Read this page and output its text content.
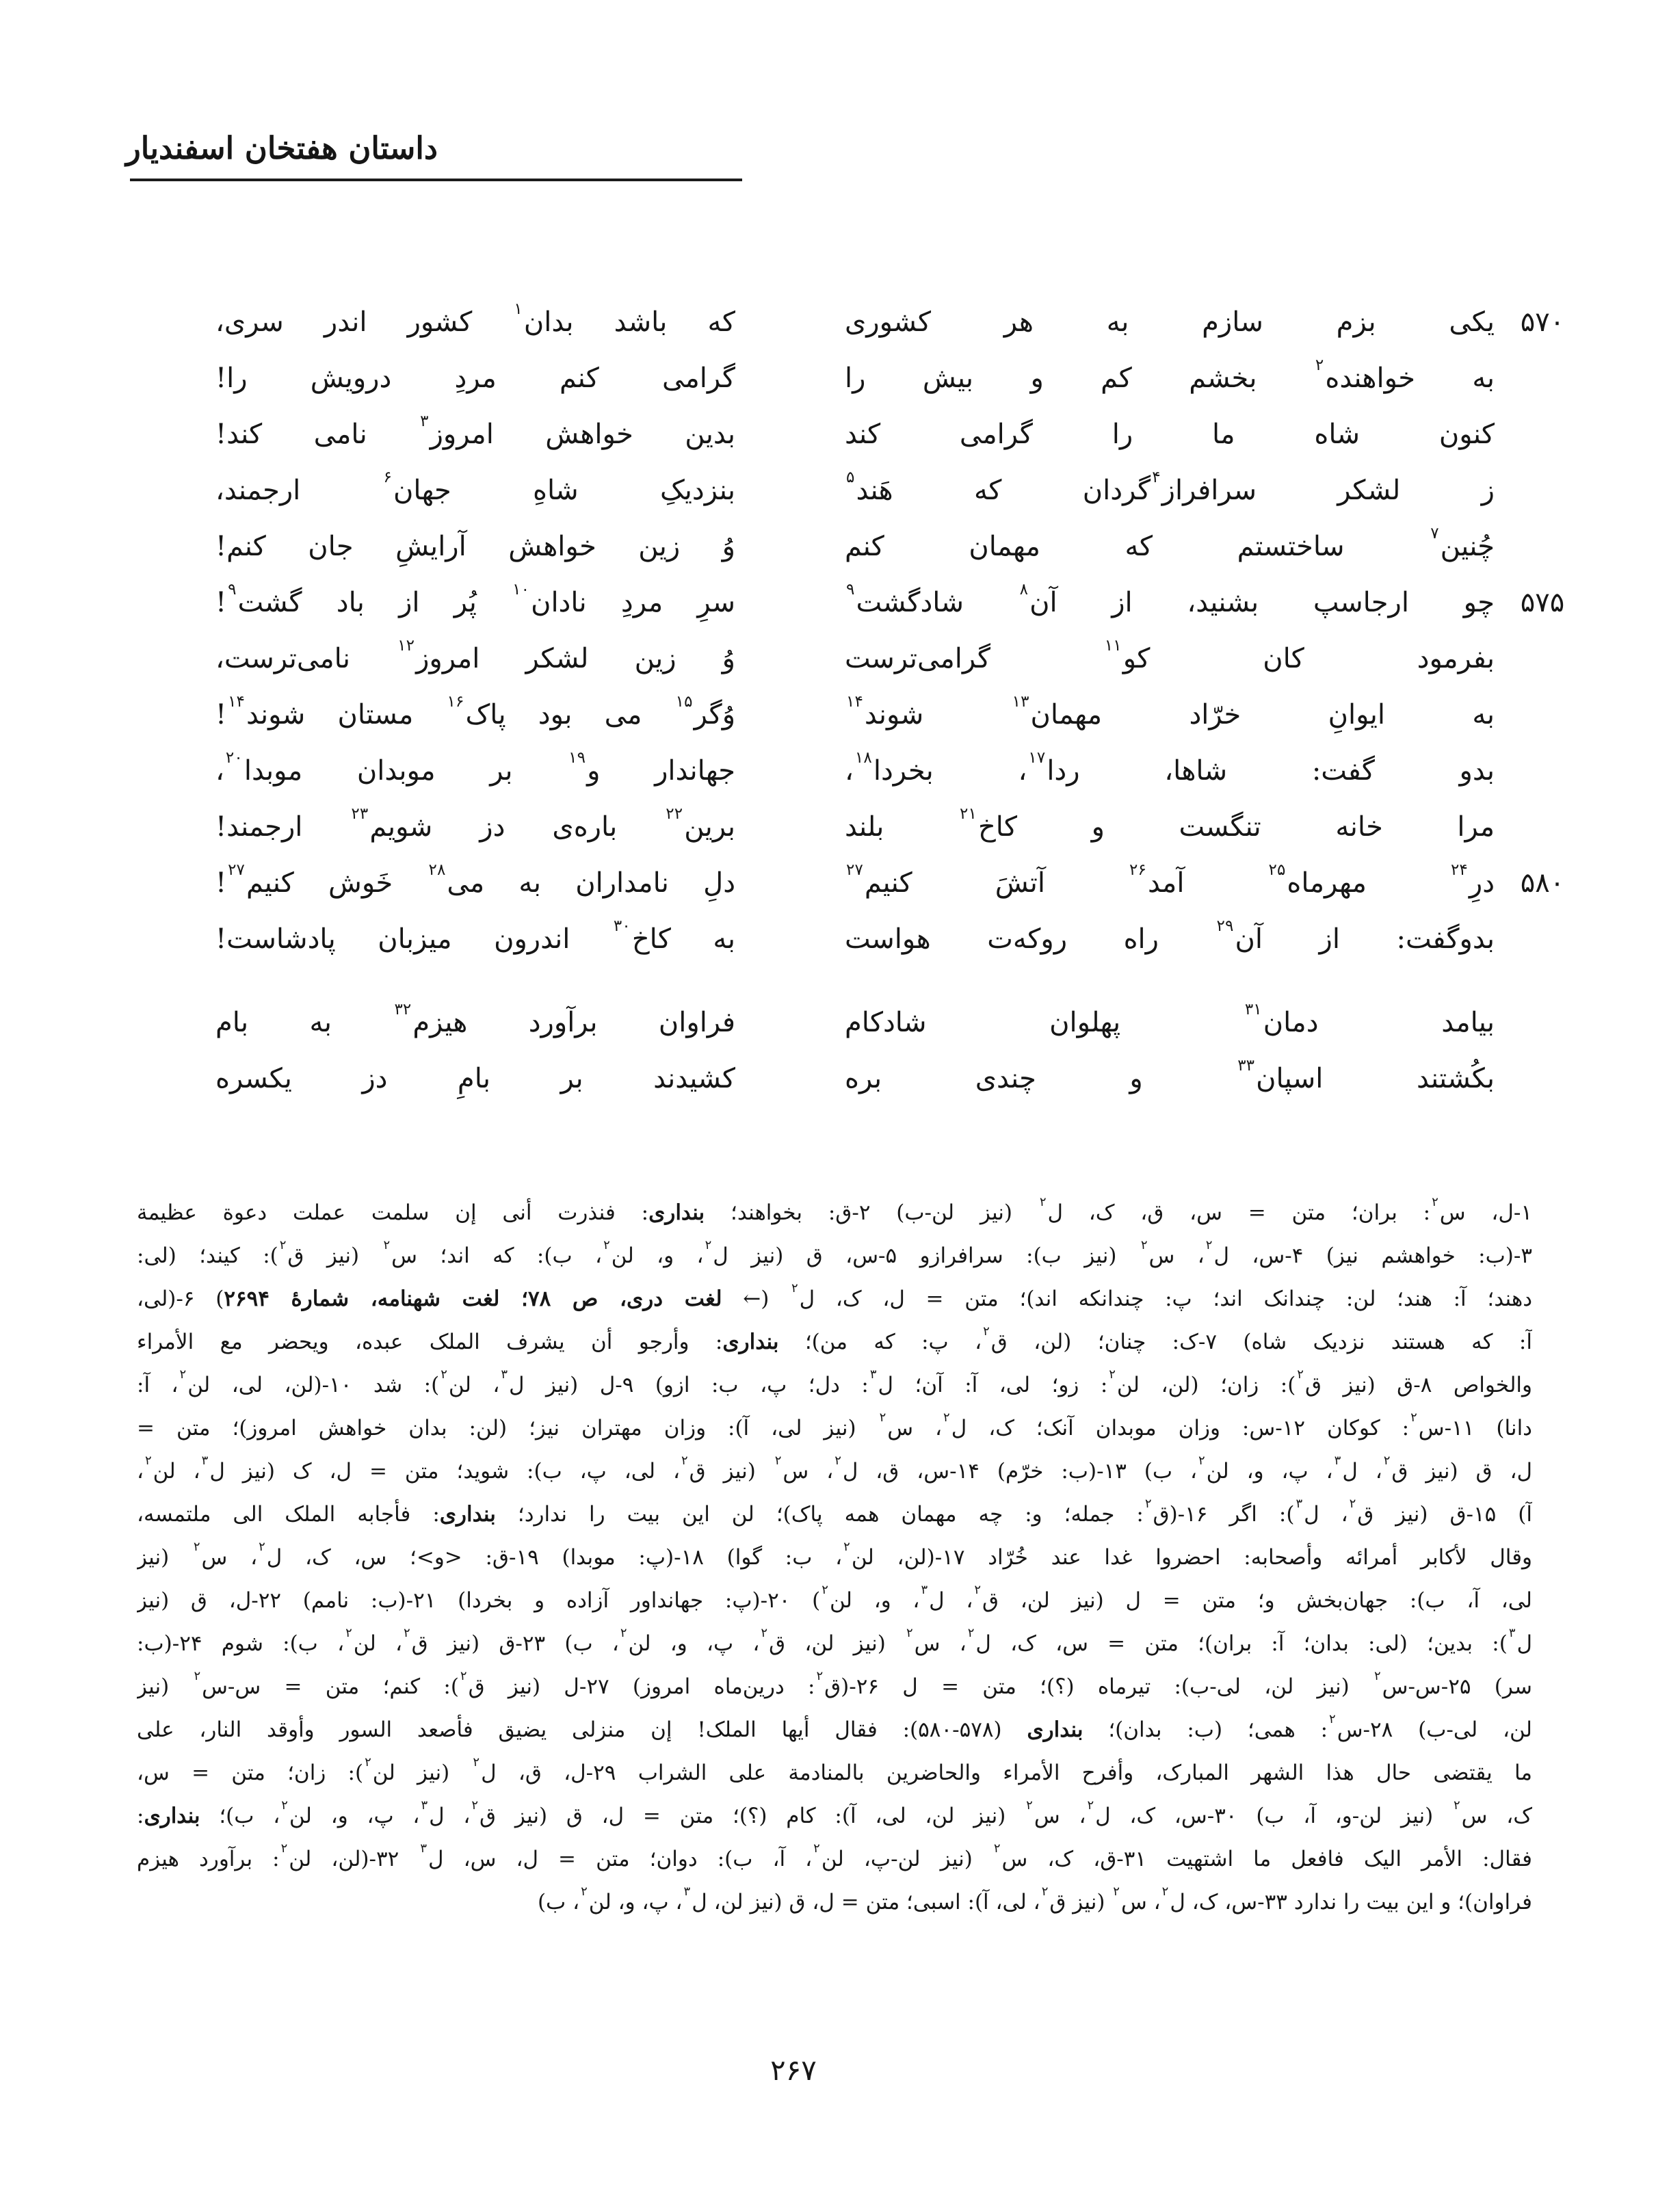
داستان هفتخان اسفندیار
۵۷۰
یکی بزم سازم به هر کشوری
که باشد بدان$^۱$ کشور اندر سری،
به خواهنده$^۲$ بخشم کم و بیش را
گرامی کنم مردِ درویش را!
کنون شاه ما را گرامی کند
بدین خواهش امروز$^۳$ نامی کند!
ز لشکر سرافراز$^۴$گردان که هَند$^۵$
بنزدیکِ شاهِ جهان$^۶$ ارجمند،
چُنین$^۷$ ساختستم که مهمان کنم
وُ زین خواهش آرایشِ جان کنم!
۵۷۵
چو ارجاسپ بشنید، از آن$^۸$ شادگشت$^۹$
سرِ مردِ نادان$^{۱۰}$ پُر از باد گشت$^۹$!
بفرمود کان کو$^{۱۱}$ گرامی‌ترست
وُ زین لشکر امروز$^{۱۲}$ نامی‌ترست،
به ایوانِ خرّاد مهمان$^{۱۳}$ شوند$^{۱۴}$
وُگر$^{۱۵}$ می بود پاک$^{۱۶}$ مستان شوند$^{۱۴}$!
بدو گفت: شاها، ردا$^{۱۷}$، بخردا$^{۱۸}$،
جهاندار و$^{۱۹}$ بر موبدان موبدا$^{۲۰}$،
مرا خانه تنگست و کاخ$^{۲۱}$ بلند
برین$^{۲۲}$ باره‌ی دز شویم$^{۲۳}$ ارجمند!
۵۸۰
درِ$^{۲۴}$ مهرماه$^{۲۵}$ آمد$^{۲۶}$ آتشَ کنیم$^{۲۷}$
دلِ نامداران به می$^{۲۸}$ خَوش کنیم$^{۲۷}$!
بدوگفت: از آن$^{۲۹}$ راه روکه‌ت هواست
به کاخ$^{۳۰}$ اندرون میزبان پادشاست!
بیامد دمان$^{۳۱}$ پهلوان شادکام
فراوان برآورد هیزم$^{۳۲}$ به بام
بکُشتند اسپان$^{۳۳}$ و چندی بره
کشیدند بر بامِ دز یکسره
۱-ل، س$^۲$: بران؛ متن = س، ق، ک، ل$^۲$ (نیز لن-ب) ۲-ق: بخواهند؛ بنداری: فنذرت أنی إن سلمت عملت دعوة عظیمة
۳-(ب: خواهشم نیز) ۴-س، ل$^۲$، س$^۲$ (نیز ب): سرافرازو ۵-س، ق (نیز ل$^۲$، و، لن$^۲$، ب): که اند؛ س$^۲$ (نیز ق$^۲$): کیند؛ (لی:
دهند؛ آ: هند؛ لن: چندانک اند؛ پ: چندانکه اند)؛ متن = ل، ک، ل$^۲$ (← لغت دری، ص ۷۸؛ لغت شهنامه، شمارهٔ ۲۶۹۴) ۶-(لی،
آ: که هستند نزدیک شاه) ۷-ک: چنان؛ (لن، ق$^۲$، پ: که من)؛ بنداری: وأرجو أن یشرف الملک عبده، ویحضر مع الأمراء
والخواص ۸-ق (نیز ق$^۲$): زان؛ (لن، لن$^۲$: زو؛ لی، آ: آن؛ ل$^۳$: دل؛ پ، ب: ازو) ۹-ل (نیز ل$^۳$، لن$^۲$): شد ۱۰-(لن، لی، لن$^۲$، آ:
دانا) ۱۱-س$^۲$: کوکان ۱۲-س: وزان موبدان آنک؛ ک، ل$^۲$، س$^۲$ (نیز لی، آ): وزان مهتران نیز؛ (لن: بدان خواهش امروز)؛ متن =
ل، ق (نیز ق$^۲$، ل$^۳$، پ، و، لن$^۲$، ب) ۱۳-(ب: خرّم) ۱۴-س، ق، ل$^۲$، س$^۲$ (نیز ق$^۲$، لی، پ، ب): شوید؛ متن = ل، ک (نیز ل$^۳$، لن$^۲$،
آ) ۱۵-ق (نیز ق$^۲$، ل$^۳$): اگر ۱۶-(ق$^۲$: جمله؛ و: چه مهمان همه پاک)؛ لن این بیت را ندارد؛ بنداری: فأجابه الملک الی ملتمسه،
وقال لأکابر أمرائه وأصحابه: احضروا غدا عند خُرّاد ۱۷-(لن، لن$^۲$، ب: گوا) ۱۸-(پ: موبدا) ۱۹-ق: <و>؛ س، ک، ل$^۲$، س$^۲$ (نیز
لی، آ، ب): جهان‌بخش و؛ متن = ل (نیز لن، ق$^۲$، ل$^۳$، و، لن$^۲$) ۲۰-(پ: جهانداور آزاده و بخردا) ۲۱-(ب: نامم) ۲۲-ل، ق (نیز
ل$^۳$): بدین؛ (لی: بدان؛ آ: بران)؛ متن = س، ک، ل$^۲$، س$^۲$ (نیز لن، ق$^۲$، پ، و، لن$^۲$، ب) ۲۳-ق (نیز ق$^۲$، لن$^۲$، ب): شوم ۲۴-(ب:
سر) ۲۵-س-س$^۲$ (نیز لن، لی-ب): تیرماه (؟)؛ متن = ل ۲۶-(ق$^۲$: درین‌ماه امروز) ۲۷-ل (نیز ق$^۲$): کنم؛ متن = س-س$^۲$ (نیز
لن، لی-ب) ۲۸-س$^۲$: همی؛ (ب: بدان)؛ بنداری (۵۷۸-۵۸۰): فقال أیها الملک! إن منزلی یضیق فأصعد السور وأوقد النار، علی
ما یقتضی حال هذا الشهر المبارک، وأفرح الأمراء والحاضرین بالمنادمة علی الشراب ۲۹-ل، ق، ل$^۲$ (نیز لن$^۲$): زان؛ متن = س،
ک، س$^۲$ (نیز لن-و، آ، ب) ۳۰-س، ک، ل$^۲$، س$^۲$ (نیز لن، لی، آ): کام (؟)؛ متن = ل، ق (نیز ق$^۲$، ل$^۳$، پ، و، لن$^۲$، ب)؛ بنداری:
فقال: الأمر الیک فافعل ما اشتهیت ۳۱-ق، ک، س$^۲$ (نیز لن-پ، لن$^۲$، آ، ب): دوان؛ متن = ل، س، ل$^۳$ ۳۲-(لن، لن$^۲$: برآورد هیزم
فراوان)؛ و این بیت را ندارد ۳۳-س، ک، ل$^۲$، س$^۲$ (نیز ق$^۲$، لی، آ): اسبی؛ متن = ل، ق (نیز لن، ل$^۳$، پ، و، لن$^۲$، ب)
۲۶۷
